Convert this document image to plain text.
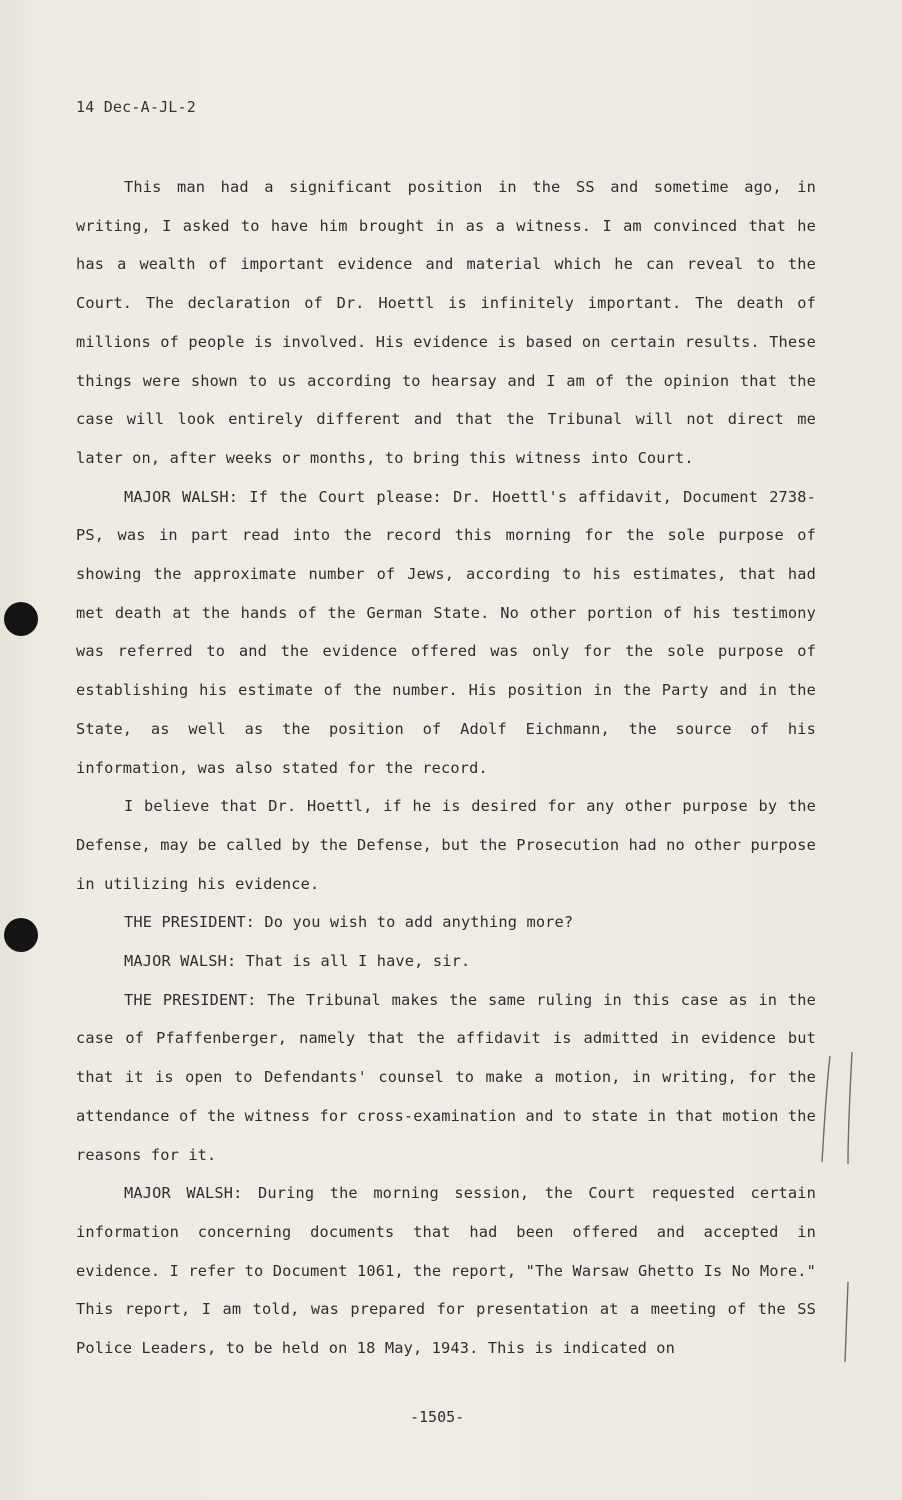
14 Dec-A-JL-2

This man had a significant position in the SS and sometime ago, in writing, I asked to have him brought in as a witness. I am convinced that he has a wealth of important evidence and material which he can reveal to the Court. The declaration of Dr. Hoettl is infinitely important. The death of millions of people is involved. His evidence is based on certain results. These things were shown to us according to hearsay and I am of the opinion that the case will look entirely different and that the Tribunal will not direct me later on, after weeks or months, to bring this witness into Court.

MAJOR WALSH: If the Court please: Dr. Hoettl's affidavit, Document 2738-PS, was in part read into the record this morning for the sole purpose of showing the approximate number of Jews, according to his estimates, that had met death at the hands of the German State. No other portion of his testimony was referred to and the evidence offered was only for the sole purpose of establishing his estimate of the number. His position in the Party and in the State, as well as the position of Adolf Eichmann, the source of his information, was also stated for the record.

I believe that Dr. Hoettl, if he is desired for any other purpose by the Defense, may be called by the Defense, but the Prosecution had no other purpose in utilizing his evidence.

THE PRESIDENT: Do you wish to add anything more?

MAJOR WALSH: That is all I have, sir.

THE PRESIDENT: The Tribunal makes the same ruling in this case as in the case of Pfaffenberger, namely that the affidavit is admitted in evidence but that it is open to Defendants' counsel to make a motion, in writing, for the attendance of the witness for cross-examination and to state in that motion the reasons for it.

MAJOR WALSH: During the morning session, the Court requested certain information concerning documents that had been offered and accepted in evidence. I refer to Document 1061, the report, "The Warsaw Ghetto Is No More." This report, I am told, was prepared for presentation at a meeting of the SS Police Leaders, to be held on 18 May, 1943. This is indicated on

-1505-
